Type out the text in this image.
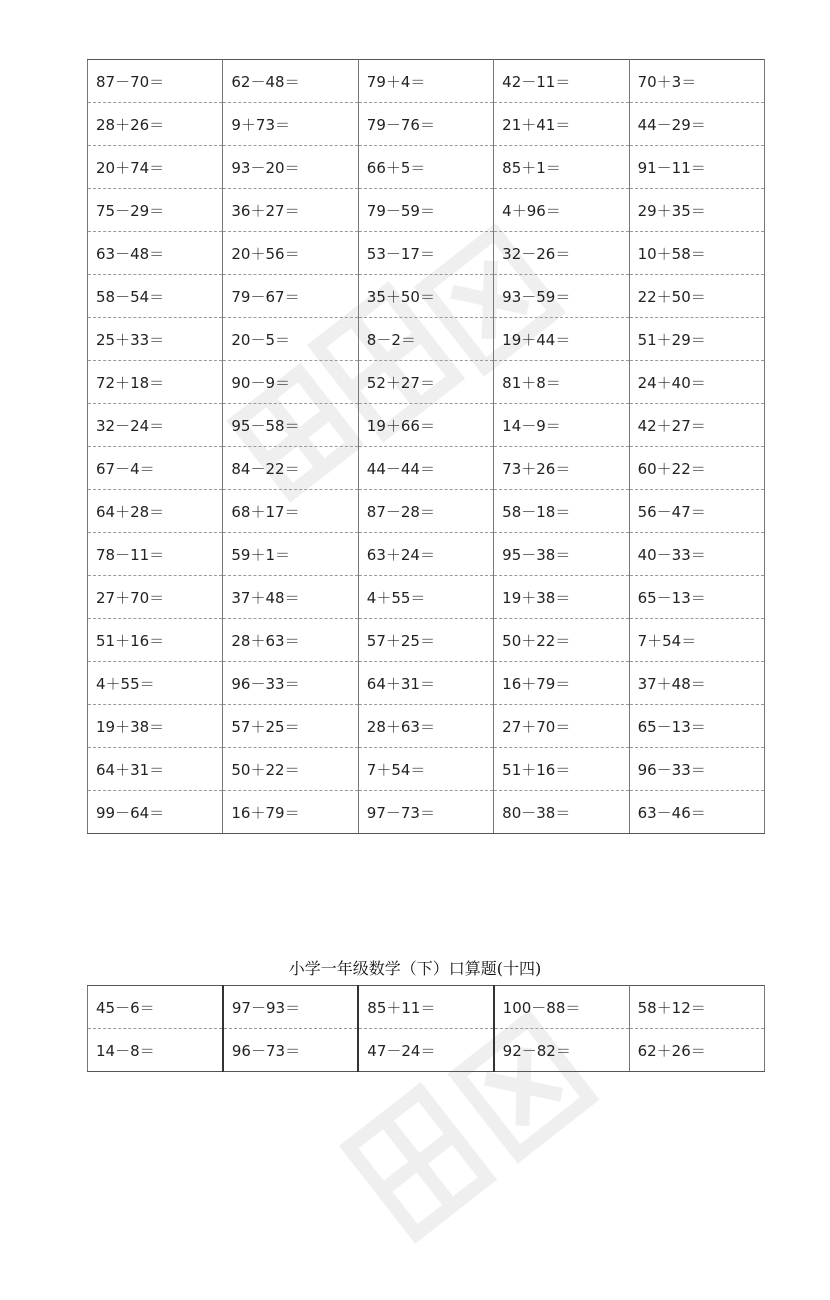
87－70＝	62－48＝	79＋4＝	42－11＝	70＋3＝
28＋26＝	9＋73＝	79－76＝	21＋41＝	44－29＝
20＋74＝	93－20＝	66＋5＝	85＋1＝	91－11＝
75－29＝	36＋27＝	79－59＝	4＋96＝	29＋35＝
63－48＝	20＋56＝	53－17＝	32－26＝	10＋58＝
58－54＝	79－67＝	35＋50＝	93－59＝	22＋50＝
25＋33＝	20－5＝	8－2＝	19＋44＝	51＋29＝
72＋18＝	90－9＝	52＋27＝	81＋8＝	24＋40＝
32－24＝	95－58＝	19＋66＝	14－9＝	42＋27＝
67－4＝	84－22＝	44－44＝	73＋26＝	60＋22＝
64＋28＝	68＋17＝	87－28＝	58－18＝	56－47＝
78－11＝	59＋1＝	63＋24＝	95－38＝	40－33＝
27＋70＝	37＋48＝	4＋55＝	19＋38＝	65－13＝
51＋16＝	28＋63＝	57＋25＝	50＋22＝	7＋54＝
4＋55＝	96－33＝	64＋31＝	16＋79＝	37＋48＝
19＋38＝	57＋25＝	28＋63＝	27＋70＝	65－13＝
64＋31＝	50＋22＝	7＋54＝	51＋16＝	96－33＝
99－64＝	16＋79＝	97－73＝	80－38＝	63－46＝
小学一年级数学（下）口算题(十四)
45－6＝	97－93＝	85＋11＝	100－88＝	58＋12＝
14－8＝	96－73＝	47－24＝	92－82＝	62＋26＝
